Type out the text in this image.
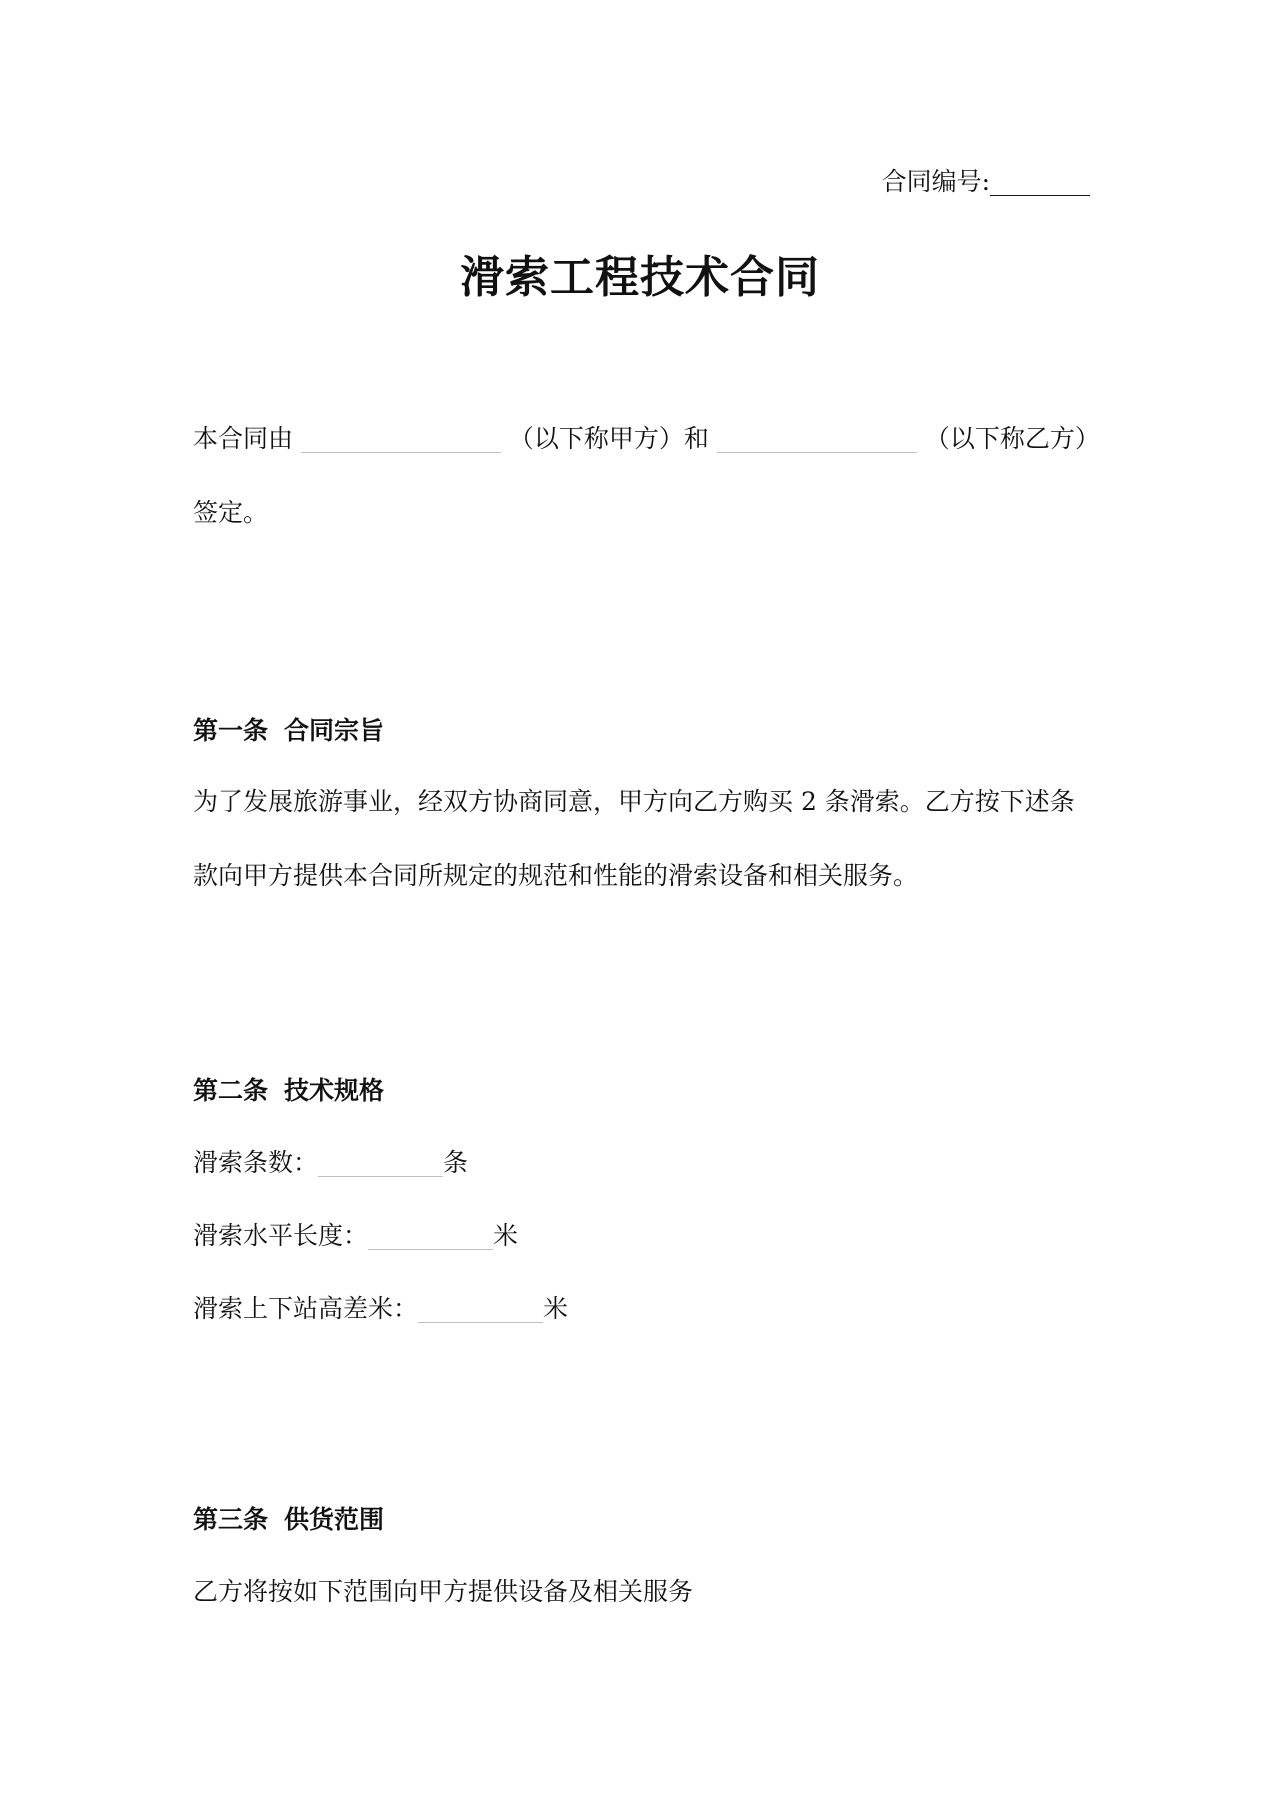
合同编号:________
滑索工程技术合同
本合同由 ________________ （以下称甲方）和 ________________ （以下称乙方）签定。
第一条 合同宗旨
为了发展旅游事业，经双方协商同意，甲方向乙方购买 2 条滑索。乙方按下述条款向甲方提供本合同所规定的规范和性能的滑索设备和相关服务。
第二条 技术规格
滑索条数：__________条
滑索水平长度：__________米
滑索上下站高差米：__________米
第三条 供货范围
乙方将按如下范围向甲方提供设备及相关服务
